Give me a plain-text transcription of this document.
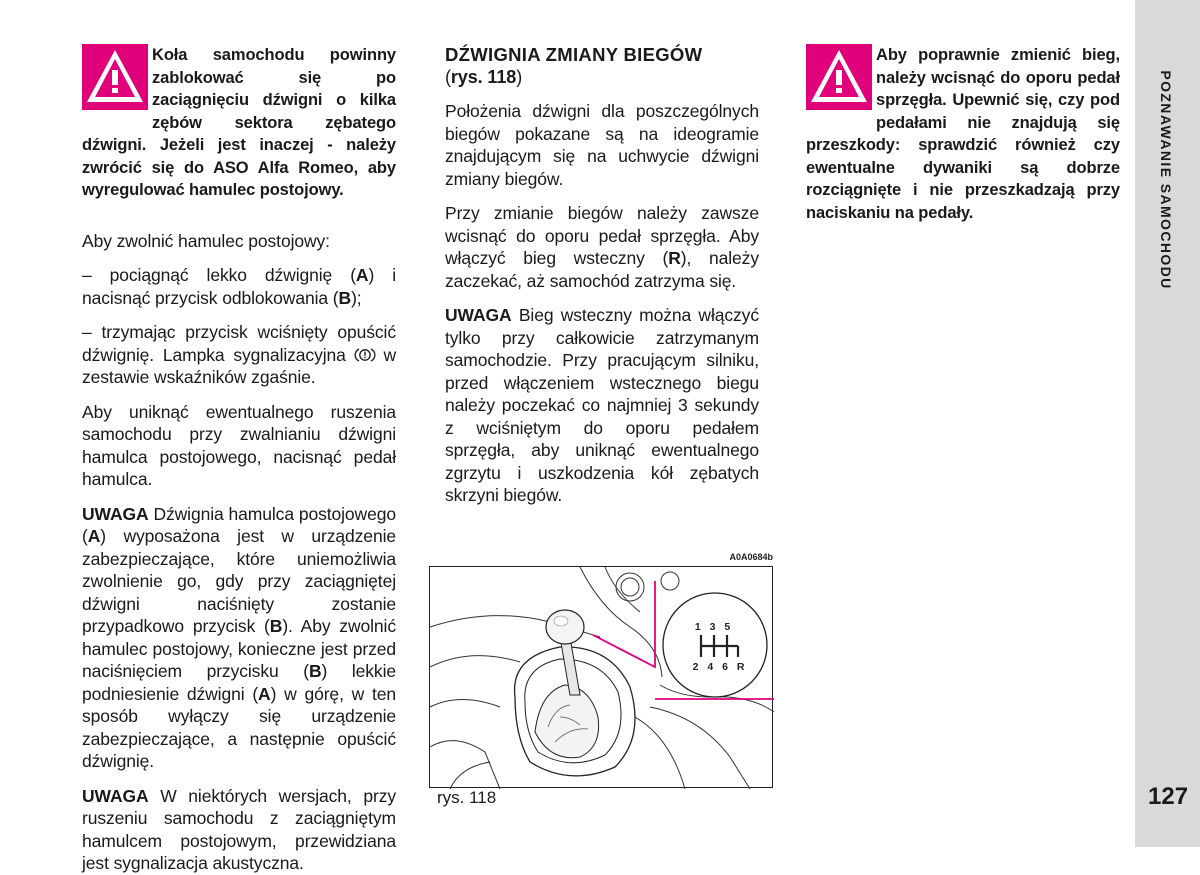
Koła samochodu powinny zablokować się po zaciągnięciu dźwigni o kilka zębów sektora zębatego dźwigni. Jeżeli jest inaczej - należy zwrócić się do ASO Alfa Romeo, aby wyregulować hamulec postojowy.

Aby zwolnić hamulec postojowy:

– pociągnąć lekko dźwignię (A) i nacisnąć przycisk odblokowania (B);

– trzymając przycisk wciśnięty opuścić dźwignię. Lampka sygnalizacyjna  w zestawie wskaźników zgaśnie.

Aby uniknąć ewentualnego ruszenia samochodu przy zwalnianiu dźwigni hamulca postojowego, nacisnąć pedał hamulca.

UWAGA Dźwignia hamulca postojowego (A) wyposażona jest w urządzenie zabezpieczające, które uniemożliwia zwolnienie go, gdy przy zaciągniętej dźwigni naciśnięty zostanie przypadkowo przycisk (B). Aby zwolnić hamulec postojowy, konieczne jest przed naciśnięciem przycisku (B) lekkie podniesienie dźwigni (A) w górę, w ten sposób wyłączy się urządzenie zabezpieczające, a następnie opuścić dźwignię.

UWAGA W niektórych wersjach, przy ruszeniu samochodu z zaciągniętym hamulcem postojowym, przewidziana jest sygnalizacja akustyczna.

DŹWIGNIA ZMIANY BIEGÓW
(rys. 118)

Położenia dźwigni dla poszczególnych biegów pokazane są na ideogramie znajdującym się na uchwycie dźwigni zmiany biegów.

Przy zmianie biegów należy zawsze wcisnąć do oporu pedał sprzęgła. Aby włączyć bieg wsteczny (R), należy zaczekać, aż samochód zatrzyma się.

UWAGA Bieg wsteczny można włączyć tylko przy całkowicie zatrzymanym samochodzie. Przy pracującym silniku, przed włączeniem wstecznego biegu należy poczekać co najmniej 3 sekundy z wciśniętym do oporu pedałem sprzęgła, aby uniknąć ewentualnego zgrzytu i uszkodzenia kół zębatych skrzyni biegów.

A0A0684b
1 3 5
2 4 6 R
rys. 118
Aby poprawnie zmienić bieg, należy wcisnąć do oporu pedał sprzęgła. Upewnić się, czy pod pedałami nie znajdują się przeszkody: sprawdzić również czy ewentualne dywaniki są dobrze rozciągnięte i nie przeszkadzają przy naciskaniu na pedały.	POZNAWANIE SAMOCHODU
127
